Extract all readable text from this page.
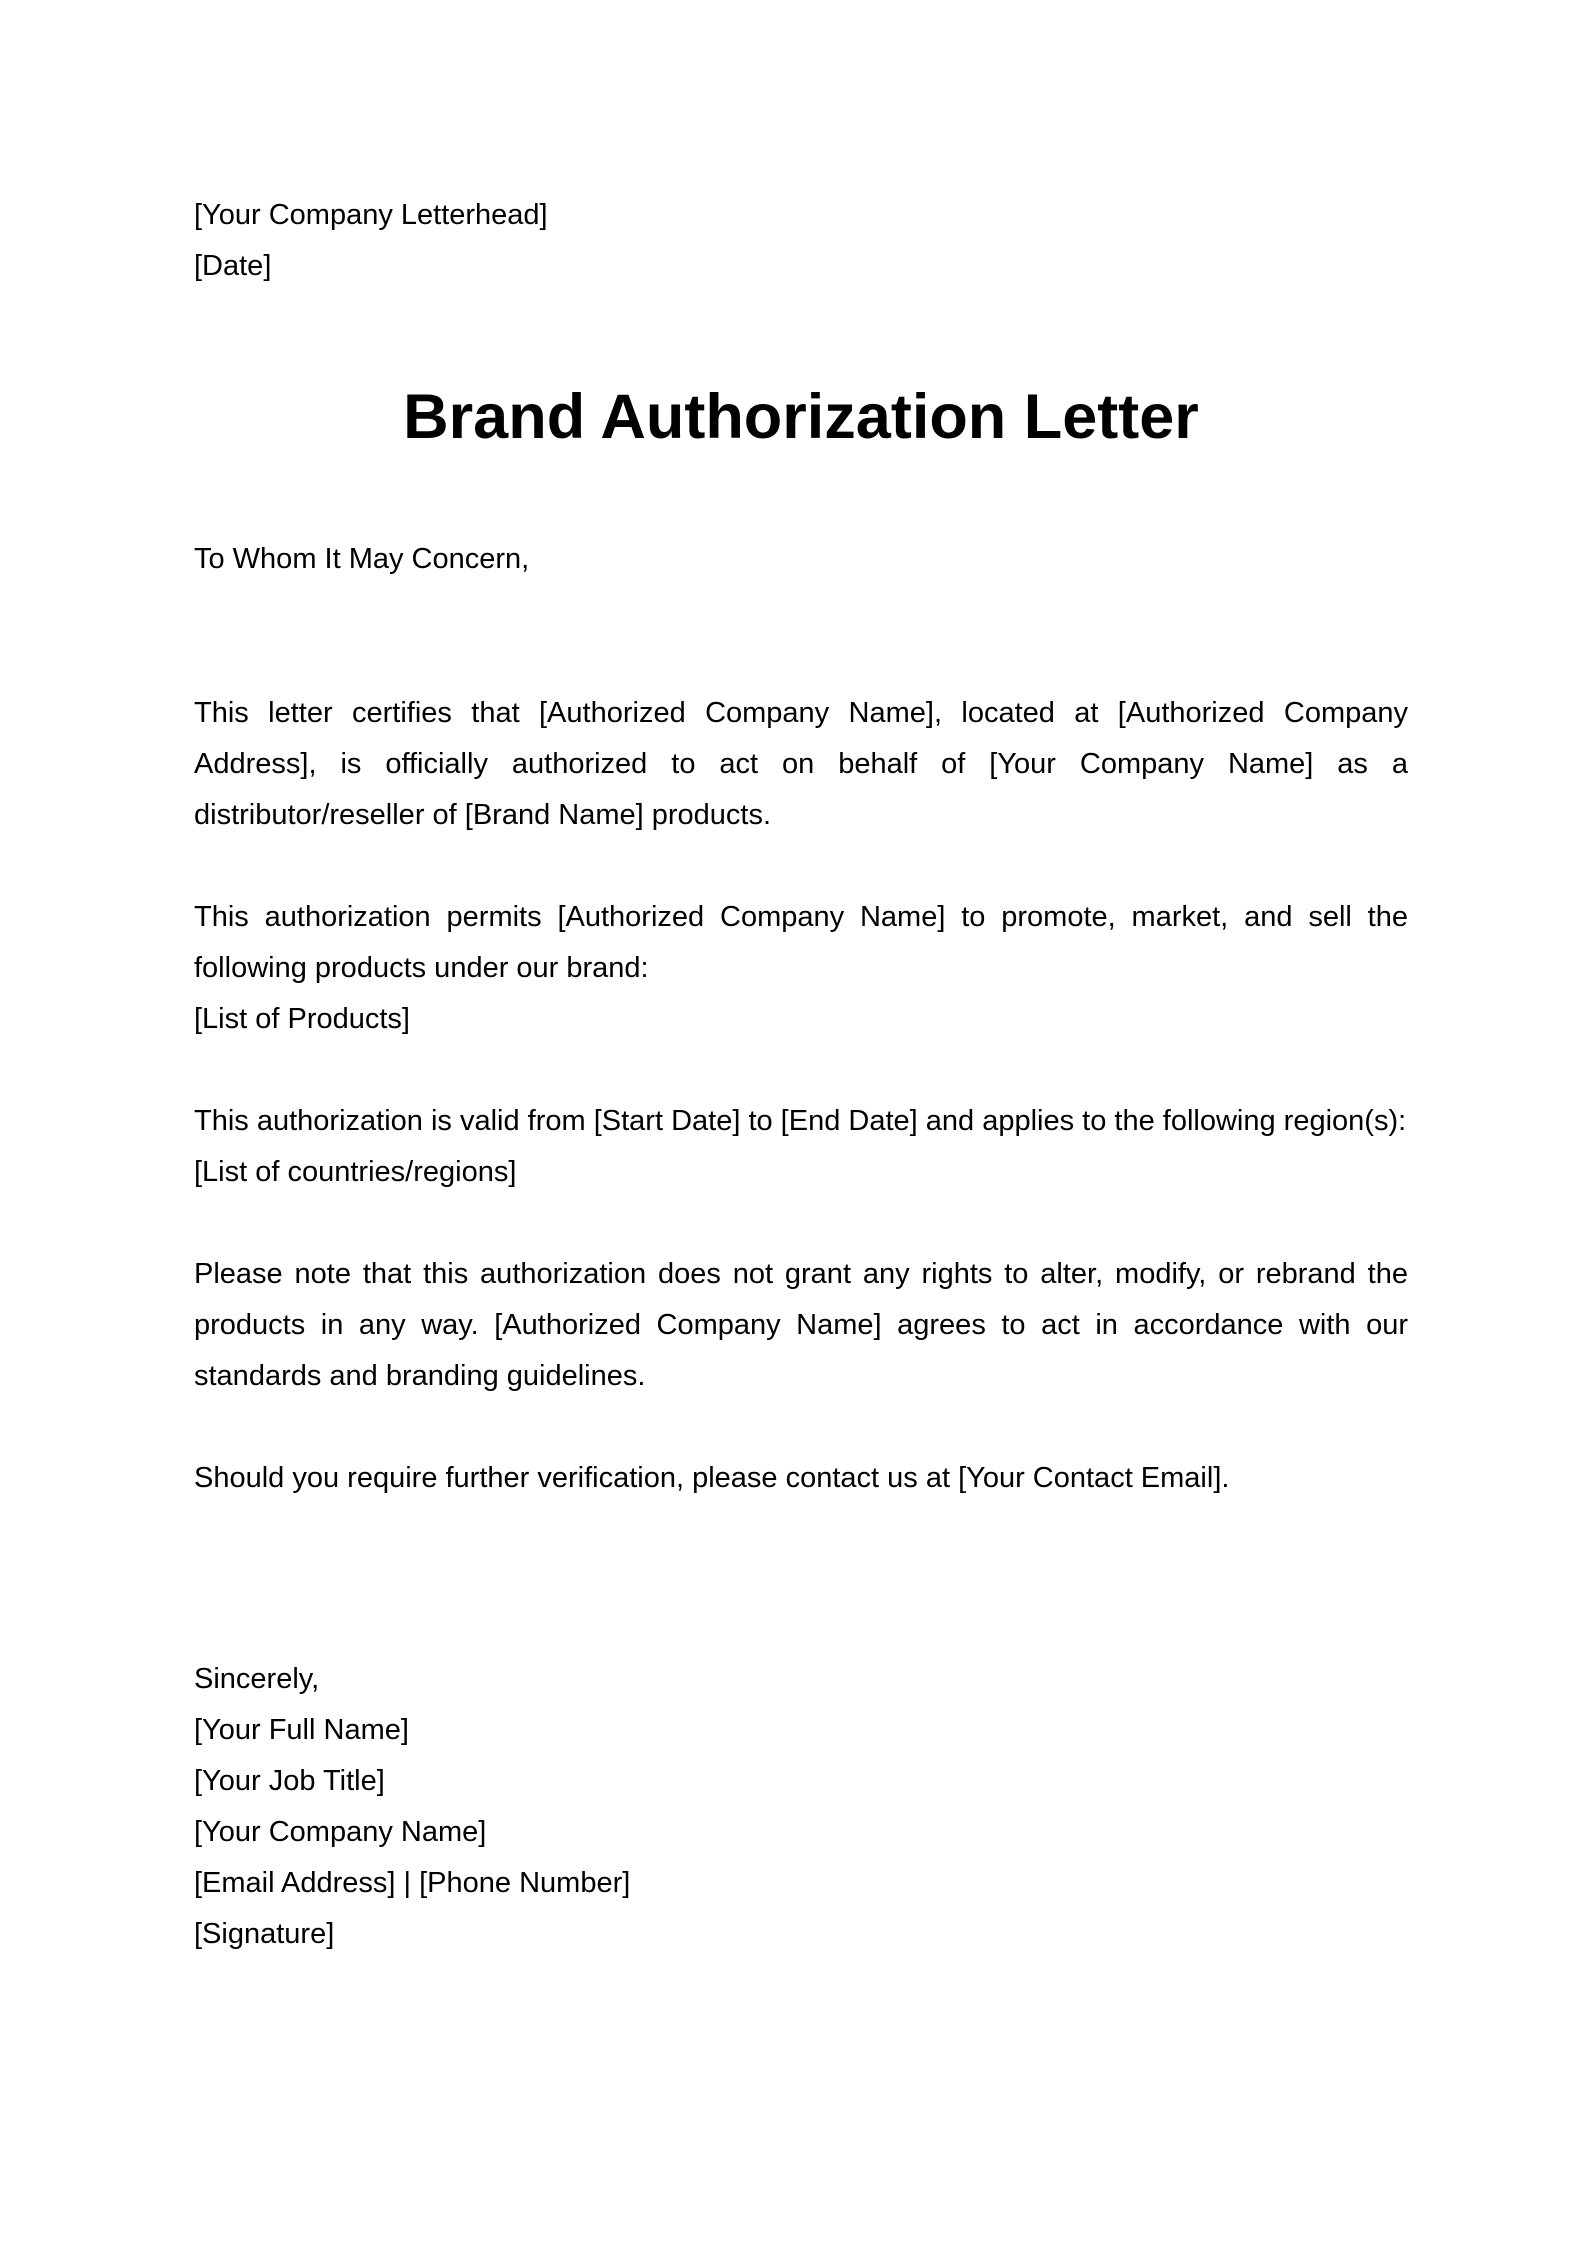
[Your Company Letterhead]

[Date]

Brand Authorization Letter

To Whom It May Concern,

This letter certifies that [Authorized Company Name], located at [Authorized Company Address], is officially authorized to act on behalf of [Your Company Name] as a distributor/reseller of [Brand Name] products.

This authorization permits [Authorized Company Name] to promote, market, and sell the following products under our brand:

[List of Products]

This authorization is valid from [Start Date] to [End Date] and applies to the following region(s):

[List of countries/regions]

Please note that this authorization does not grant any rights to alter, modify, or rebrand the products in any way. [Authorized Company Name] agrees to act in accordance with our standards and branding guidelines.

Should you require further verification, please contact us at [Your Contact Email].

Sincerely,

[Your Full Name]

[Your Job Title]

[Your Company Name]

[Email Address] | [Phone Number]

[Signature]
